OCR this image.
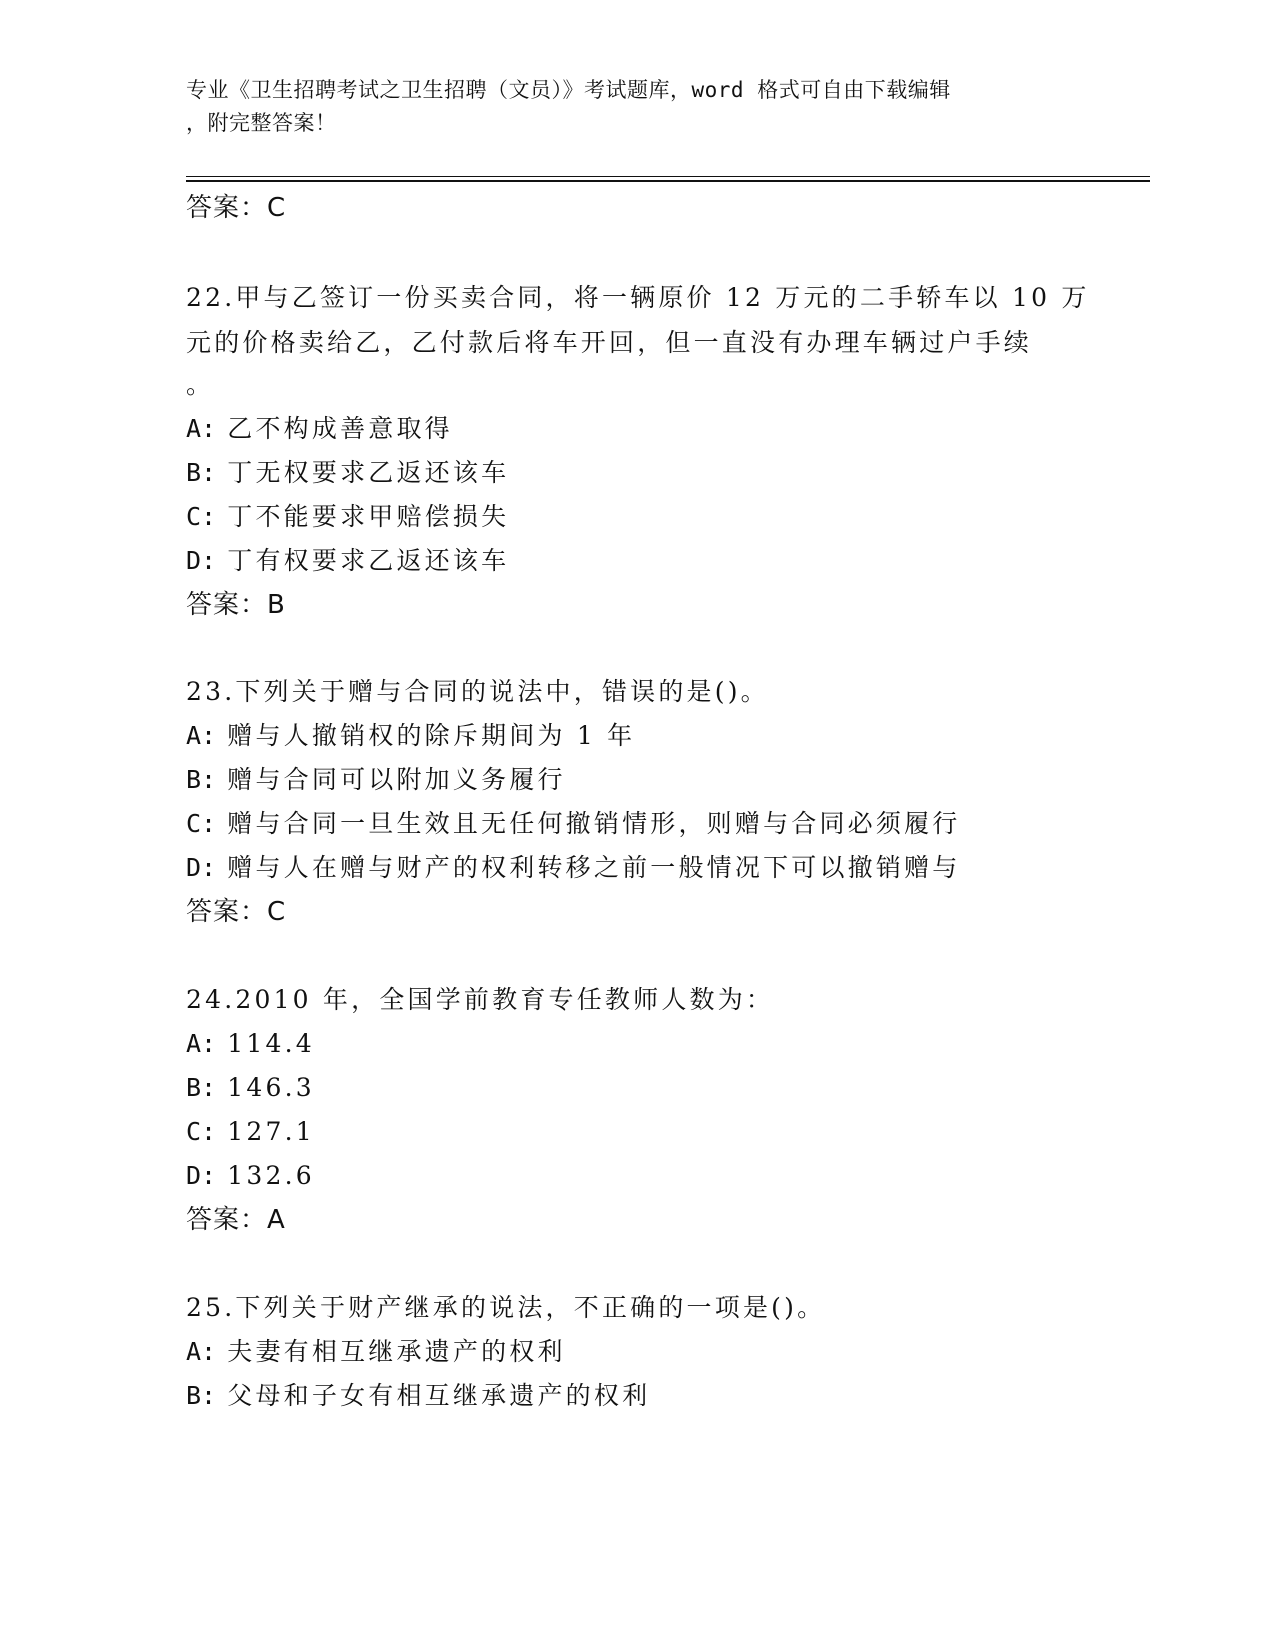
专业《卫生招聘考试之卫生招聘（文员）》考试题库，word 格式可自由下载编辑
，附完整答案！
答案：C
22.甲与乙签订一份买卖合同，将一辆原价 12 万元的二手轿车以 10 万
元的价格卖给乙，乙付款后将车开回，但一直没有办理车辆过户手续
。
A: 乙不构成善意取得
B: 丁无权要求乙返还该车
C: 丁不能要求甲赔偿损失
D: 丁有权要求乙返还该车
答案：B
23.下列关于赠与合同的说法中，错误的是()。
A: 赠与人撤销权的除斥期间为 1 年
B: 赠与合同可以附加义务履行
C: 赠与合同一旦生效且无任何撤销情形，则赠与合同必须履行
D: 赠与人在赠与财产的权利转移之前一般情况下可以撤销赠与
答案：C
24.2010 年，全国学前教育专任教师人数为：
A: 114.4
B: 146.3
C: 127.1
D: 132.6
答案：A
25.下列关于财产继承的说法，不正确的一项是()。
A: 夫妻有相互继承遗产的权利
B: 父母和子女有相互继承遗产的权利
